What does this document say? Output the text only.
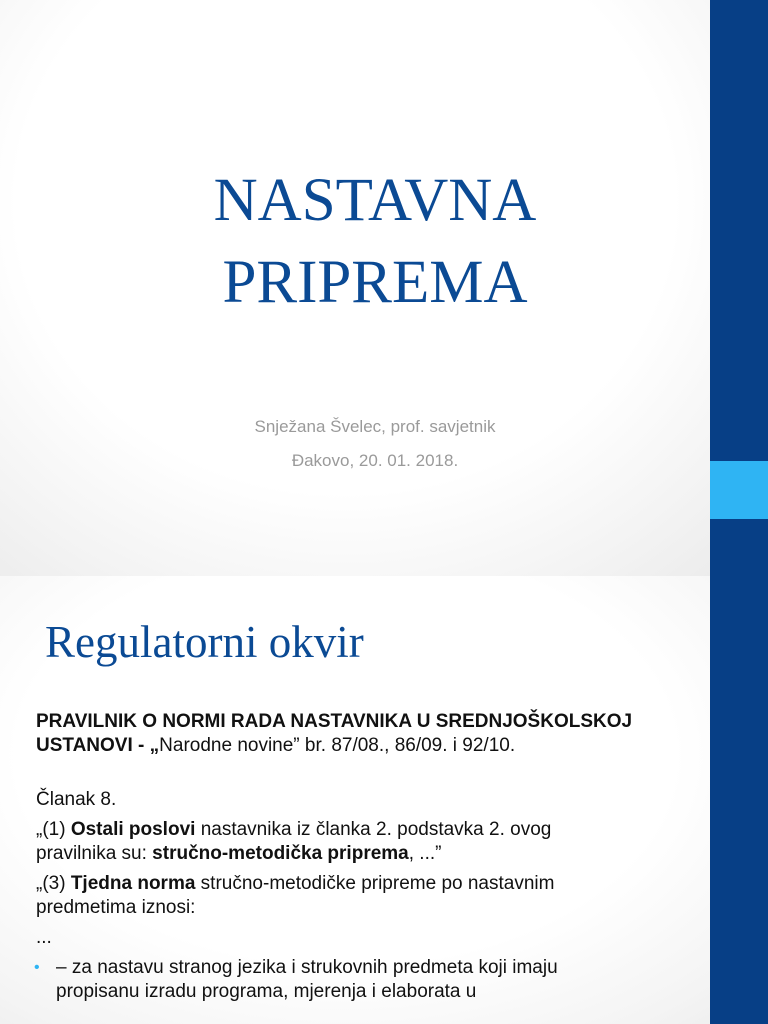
NASTAVNA
PRIPREMA
Snježana Švelec, prof. savjetnik
Đakovo, 20. 01. 2018.
Regulatorni okvir

PRAVILNIK O NORMI RADA NASTAVNIKA U SREDNJOŠKOLSKOJ
USTANOVI - „Narodne novine” br. 87/08., 86/09. i 92/10.

Članak 8.

„(1) Ostali poslovi nastavnika iz članka 2. podstavka 2. ovog
pravilnika su: stručno-metodička priprema, ...”

„(3) Tjedna norma stručno-metodičke pripreme po nastavnim
predmetima iznosi:

...

• – za nastavu stranog jezika i strukovnih predmeta koji imaju
propisanu izradu programa, mjerenja i elaborata u
